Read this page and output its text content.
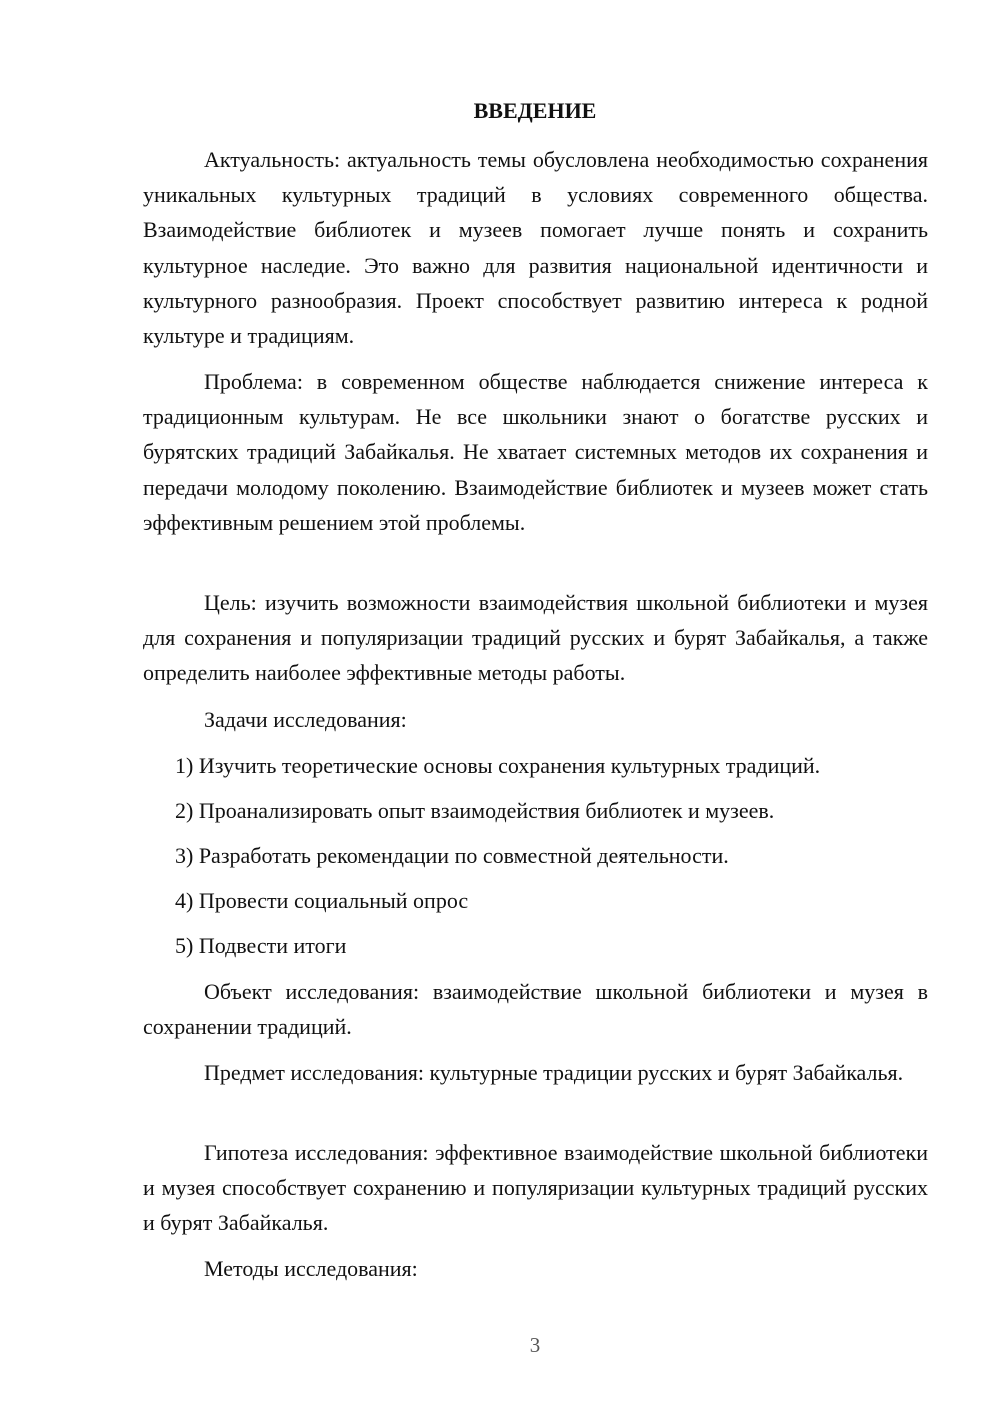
ВВЕДЕНИЕ

Актуальность: актуальность темы обусловлена необходимостью сохранения уникальных культурных традиций в условиях современного общества. Взаимодействие библиотек и музеев помогает лучше понять и сохранить культурное наследие. Это важно для развития национальной идентичности и культурного разнообразия. Проект способствует развитию интереса к родной культуре и традициям.

Проблема: в современном обществе наблюдается снижение интереса к традиционным культурам. Не все школьники знают о богатстве русских и бурятских традиций Забайкалья. Не хватает системных методов их сохранения и передачи молодому поколению. Взаимодействие библиотек и музеев может стать эффективным решением этой проблемы.

Цель: изучить возможности взаимодействия школьной библиотеки и музея для сохранения и популяризации традиций русских и бурят Забайкалья, а также определить наиболее эффективные методы работы.

Задачи исследования:

1) Изучить теоретические основы сохранения культурных традиций.

2) Проанализировать опыт взаимодействия библиотек и музеев.

3) Разработать рекомендации по совместной деятельности.

4) Провести социальный опрос

5) Подвести итоги

Объект исследования: взаимодействие школьной библиотеки и музея в сохранении традиций.

Предмет исследования: культурные традиции русских и бурят Забайкалья.

Гипотеза исследования: эффективное взаимодействие школьной библиотеки и музея способствует сохранению и популяризации культурных традиций русских и бурят Забайкалья.

Методы исследования:

3
